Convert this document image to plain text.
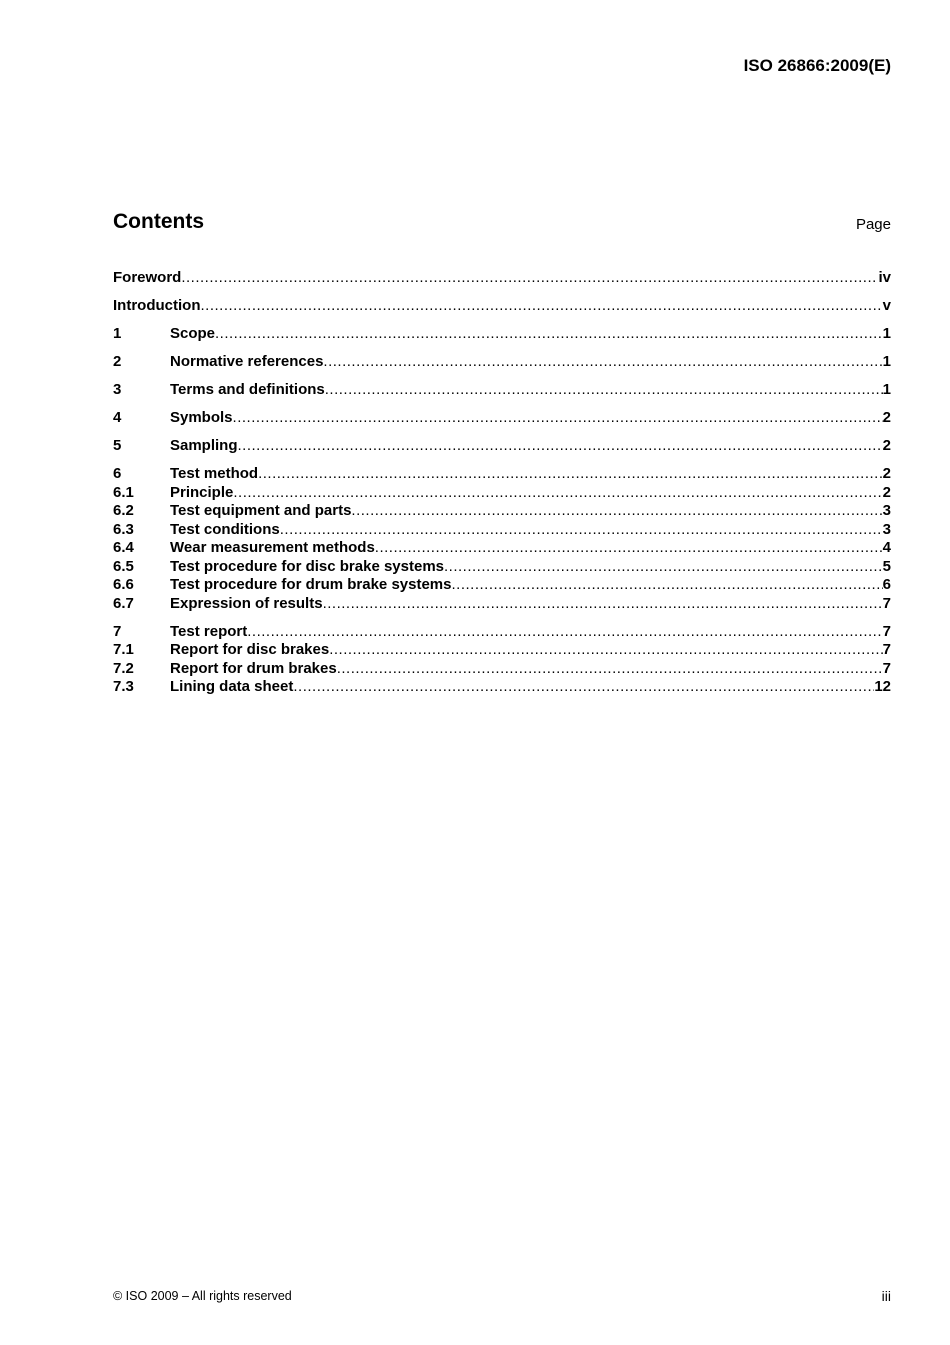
ISO 26866:2009(E)
Contents	Page
Foreword .....	iv
Introduction .....	v
1	Scope .....	1
2	Normative references .....	1
3	Terms and definitions .....	1
4	Symbols .....	2
5	Sampling .....	2
6	Test method .....	2
6.1	Principle .....	2
6.2	Test equipment and parts .....	3
6.3	Test conditions .....	3
6.4	Wear measurement methods .....	4
6.5	Test procedure for disc brake systems .....	5
6.6	Test procedure for drum brake systems .....	6
6.7	Expression of results .....	7
7	Test report .....	7
7.1	Report for disc brakes .....	7
7.2	Report for drum brakes .....	7
7.3	Lining data sheet .....	12
© ISO 2009 – All rights reserved	iii
